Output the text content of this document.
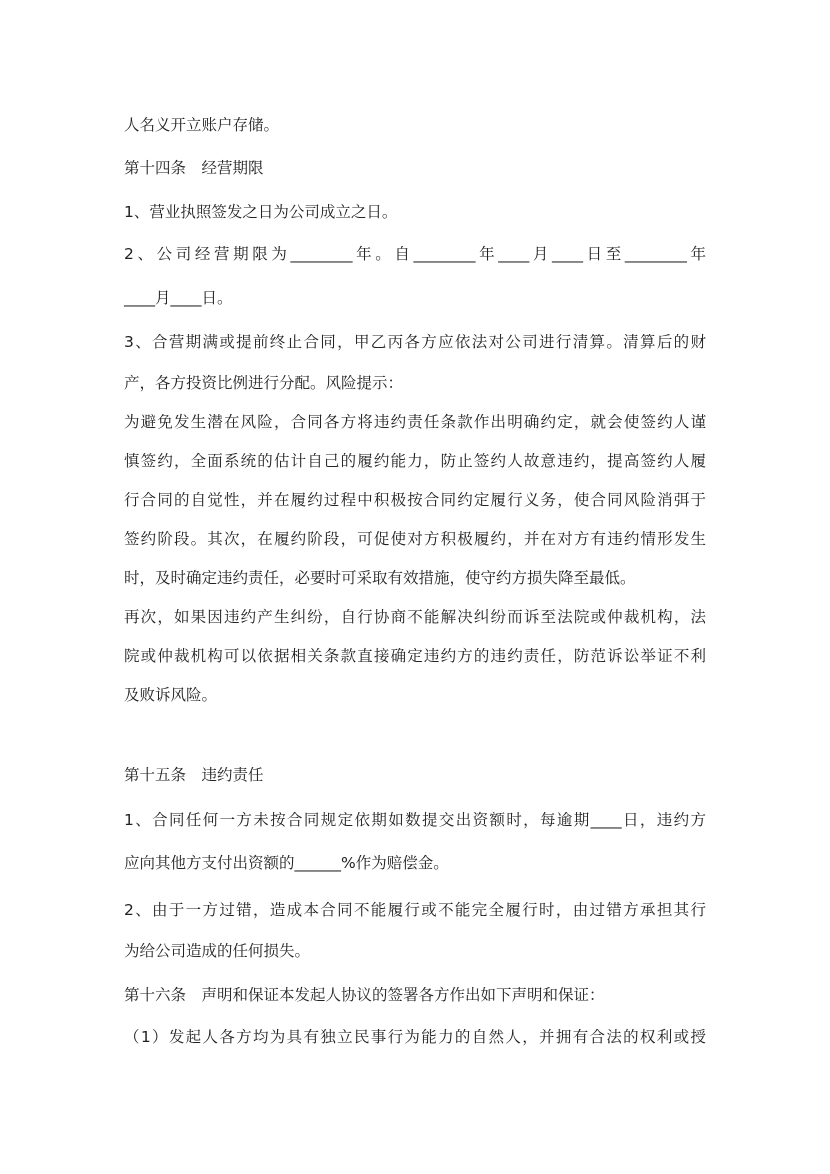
人名义开立账户存储。
第十四条　经营期限
1、营业执照签发之日为公司成立之日。
2、公司经营期限为________年。自________年____月____日至________年
____月____日。
3、合营期满或提前终止合同，甲乙丙各方应依法对公司进行清算。清算后的财
产，各方投资比例进行分配。风险提示：
为避免发生潜在风险，合同各方将违约责任条款作出明确约定，就会使签约人谨
慎签约，全面系统的估计自己的履约能力，防止签约人故意违约，提高签约人履
行合同的自觉性，并在履约过程中积极按合同约定履行义务，使合同风险消弭于
签约阶段。其次，在履约阶段，可促使对方积极履约，并在对方有违约情形发生
时，及时确定违约责任，必要时可采取有效措施，使守约方损失降至最低。
再次，如果因违约产生纠纷，自行协商不能解决纠纷而诉至法院或仲裁机构，法
院或仲裁机构可以依据相关条款直接确定违约方的违约责任，防范诉讼举证不利
及败诉风险。
第十五条　违约责任
1、合同任何一方未按合同规定依期如数提交出资额时，每逾期____日，违约方
应向其他方支付出资额的______%作为赔偿金。
2、由于一方过错，造成本合同不能履行或不能完全履行时，由过错方承担其行
为给公司造成的任何损失。
第十六条　声明和保证本发起人协议的签署各方作出如下声明和保证：
（1）发起人各方均为具有独立民事行为能力的自然人，并拥有合法的权利或授
